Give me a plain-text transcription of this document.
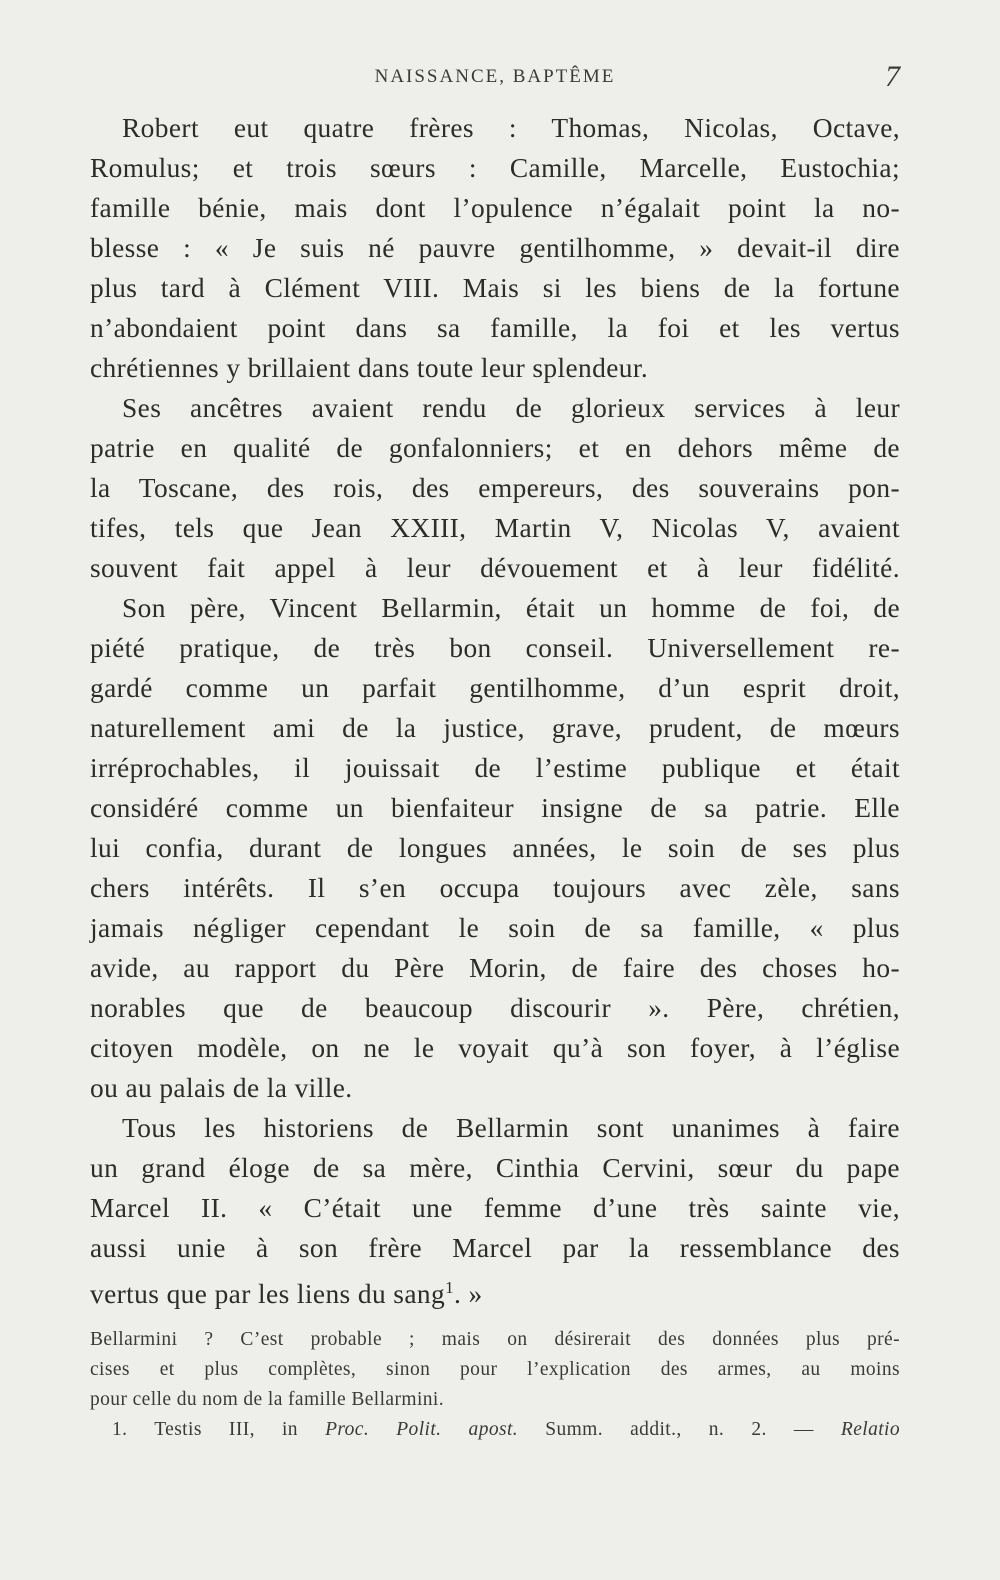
NAISSANCE, BAPTÊME	7
Robert eut quatre frères : Thomas, Nicolas, Octave,
Romulus; et trois sœurs : Camille, Marcelle, Eustochia;
famille bénie, mais dont l’opulence n’égalait point la no-
blesse : « Je suis né pauvre gentilhomme, » devait-il dire
plus tard à Clément VIII. Mais si les biens de la fortune
n’abondaient point dans sa famille, la foi et les vertus
chrétiennes y brillaient dans toute leur splendeur.
Ses ancêtres avaient rendu de glorieux services à leur
patrie en qualité de gonfalonniers; et en dehors même de
la Toscane, des rois, des empereurs, des souverains pon-
tifes, tels que Jean XXIII, Martin V, Nicolas V, avaient
souvent fait appel à leur dévouement et à leur fidélité.
Son père, Vincent Bellarmin, était un homme de foi, de
piété pratique, de très bon conseil. Universellement re-
gardé comme un parfait gentilhomme, d’un esprit droit,
naturellement ami de la justice, grave, prudent, de mœurs
irréprochables, il jouissait de l’estime publique et était
considéré comme un bienfaiteur insigne de sa patrie. Elle
lui confia, durant de longues années, le soin de ses plus
chers intérêts. Il s’en occupa toujours avec zèle, sans
jamais négliger cependant le soin de sa famille, « plus
avide, au rapport du Père Morin, de faire des choses ho-
norables que de beaucoup discourir ». Père, chrétien,
citoyen modèle, on ne le voyait qu’à son foyer, à l’église
ou au palais de la ville.
Tous les historiens de Bellarmin sont unanimes à faire
un grand éloge de sa mère, Cinthia Cervini, sœur du pape
Marcel II. « C’était une femme d’une très sainte vie,
aussi unie à son frère Marcel par la ressemblance des
vertus que par les liens du sang$^1$. »
Bellarmini ? C’est probable ; mais on désirerait des données plus pré-
cises et plus complètes, sinon pour l’explication des armes, au moins
pour celle du nom de la famille Bellarmini.
1. Testis III, in Proc. Polit. apost. Summ. addit., n. 2. — Relatio
